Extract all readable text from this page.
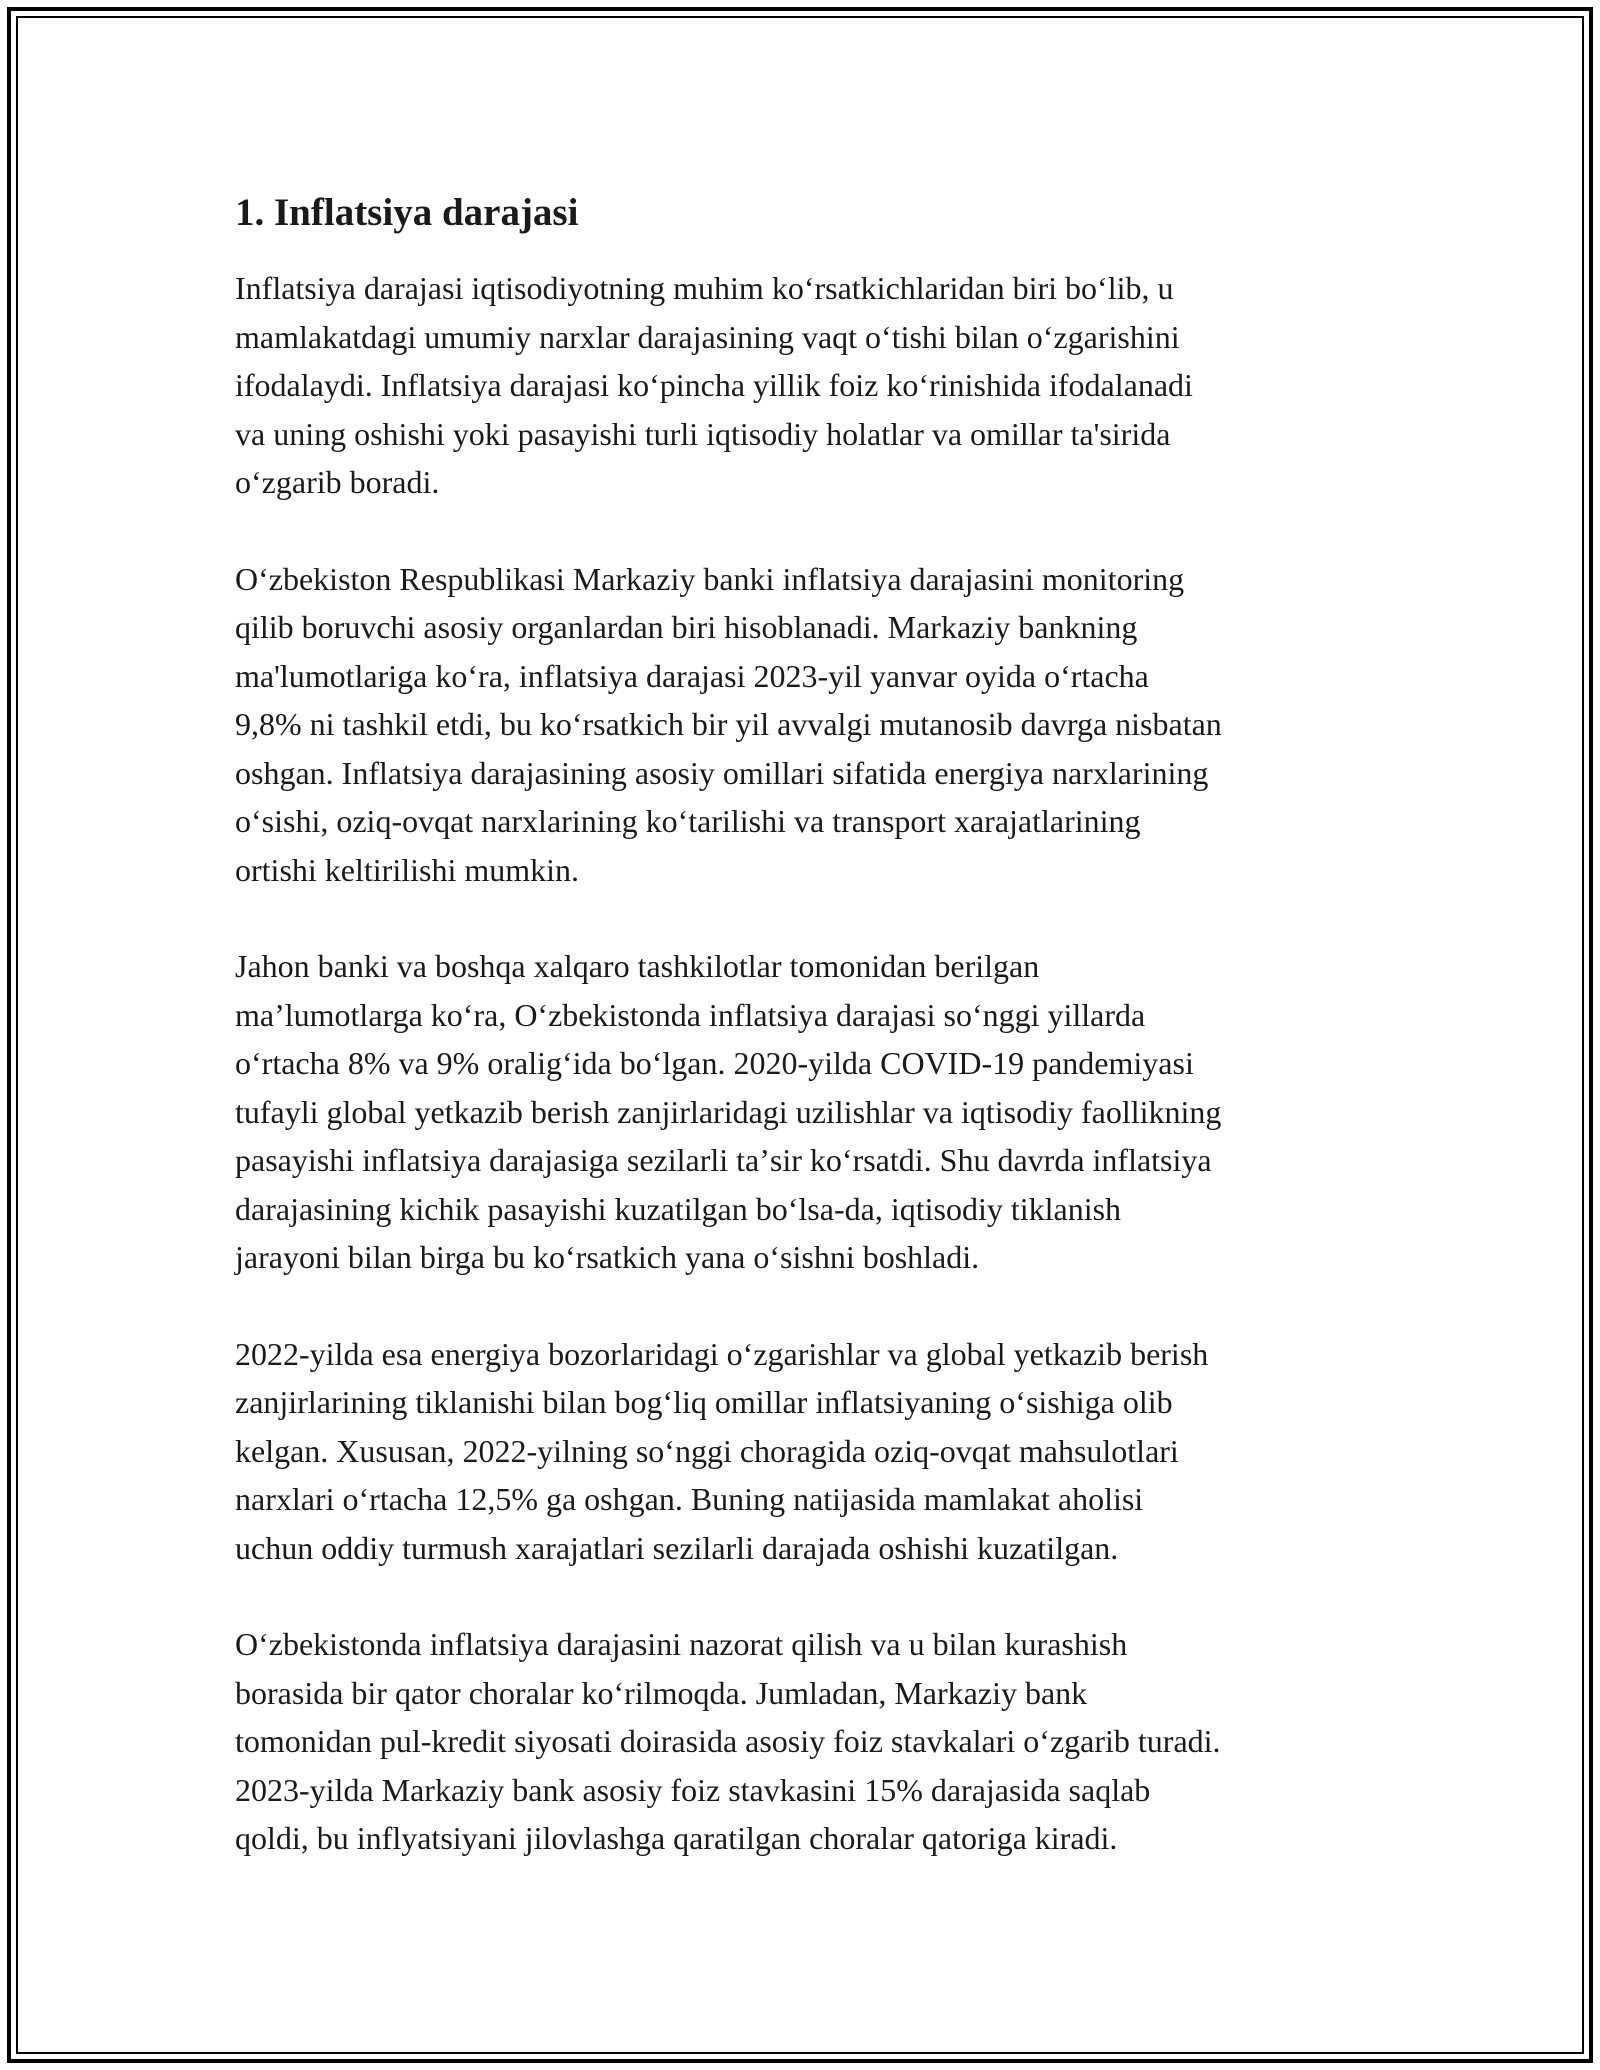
1. Inflatsiya darajasi
Inflatsiya darajasi iqtisodiyotning muhim koʻrsatkichlaridan biri boʻlib, u
mamlakatdagi umumiy narxlar darajasining vaqt oʻtishi bilan oʻzgarishini
ifodalaydi. Inflatsiya darajasi koʻpincha yillik foiz koʻrinishida ifodalanadi
va uning oshishi yoki pasayishi turli iqtisodiy holatlar va omillar ta'sirida
oʻzgarib boradi.
Oʻzbekiston Respublikasi Markaziy banki inflatsiya darajasini monitoring
qilib boruvchi asosiy organlardan biri hisoblanadi. Markaziy bankning
ma'lumotlariga koʻra, inflatsiya darajasi 2023-yil yanvar oyida oʻrtacha
9,8% ni tashkil etdi, bu koʻrsatkich bir yil avvalgi mutanosib davrga nisbatan
oshgan. Inflatsiya darajasining asosiy omillari sifatida energiya narxlarining
oʻsishi, oziq-ovqat narxlarining koʻtarilishi va transport xarajatlarining
ortishi keltirilishi mumkin.
Jahon banki va boshqa xalqaro tashkilotlar tomonidan berilgan
maʼlumotlarga koʻra, Oʻzbekistonda inflatsiya darajasi soʻnggi yillarda
oʻrtacha 8% va 9% oraligʻida boʻlgan. 2020-yilda COVID-19 pandemiyasi
tufayli global yetkazib berish zanjirlaridagi uzilishlar va iqtisodiy faollikning
pasayishi inflatsiya darajasiga sezilarli taʼsir koʻrsatdi. Shu davrda inflatsiya
darajasining kichik pasayishi kuzatilgan boʻlsa-da, iqtisodiy tiklanish
jarayoni bilan birga bu koʻrsatkich yana oʻsishni boshladi.
2022-yilda esa energiya bozorlaridagi oʻzgarishlar va global yetkazib berish
zanjirlarining tiklanishi bilan bogʻliq omillar inflatsiyaning oʻsishiga olib
kelgan. Xususan, 2022-yilning soʻnggi choragida oziq-ovqat mahsulotlari
narxlari oʻrtacha 12,5% ga oshgan. Buning natijasida mamlakat aholisi
uchun oddiy turmush xarajatlari sezilarli darajada oshishi kuzatilgan.
Oʻzbekistonda inflatsiya darajasini nazorat qilish va u bilan kurashish
borasida bir qator choralar koʻrilmoqda. Jumladan, Markaziy bank
tomonidan pul-kredit siyosati doirasida asosiy foiz stavkalari oʻzgarib turadi.
2023-yilda Markaziy bank asosiy foiz stavkasini 15% darajasida saqlab
qoldi, bu inflyatsiyani jilovlashga qaratilgan choralar qatoriga kiradi.
